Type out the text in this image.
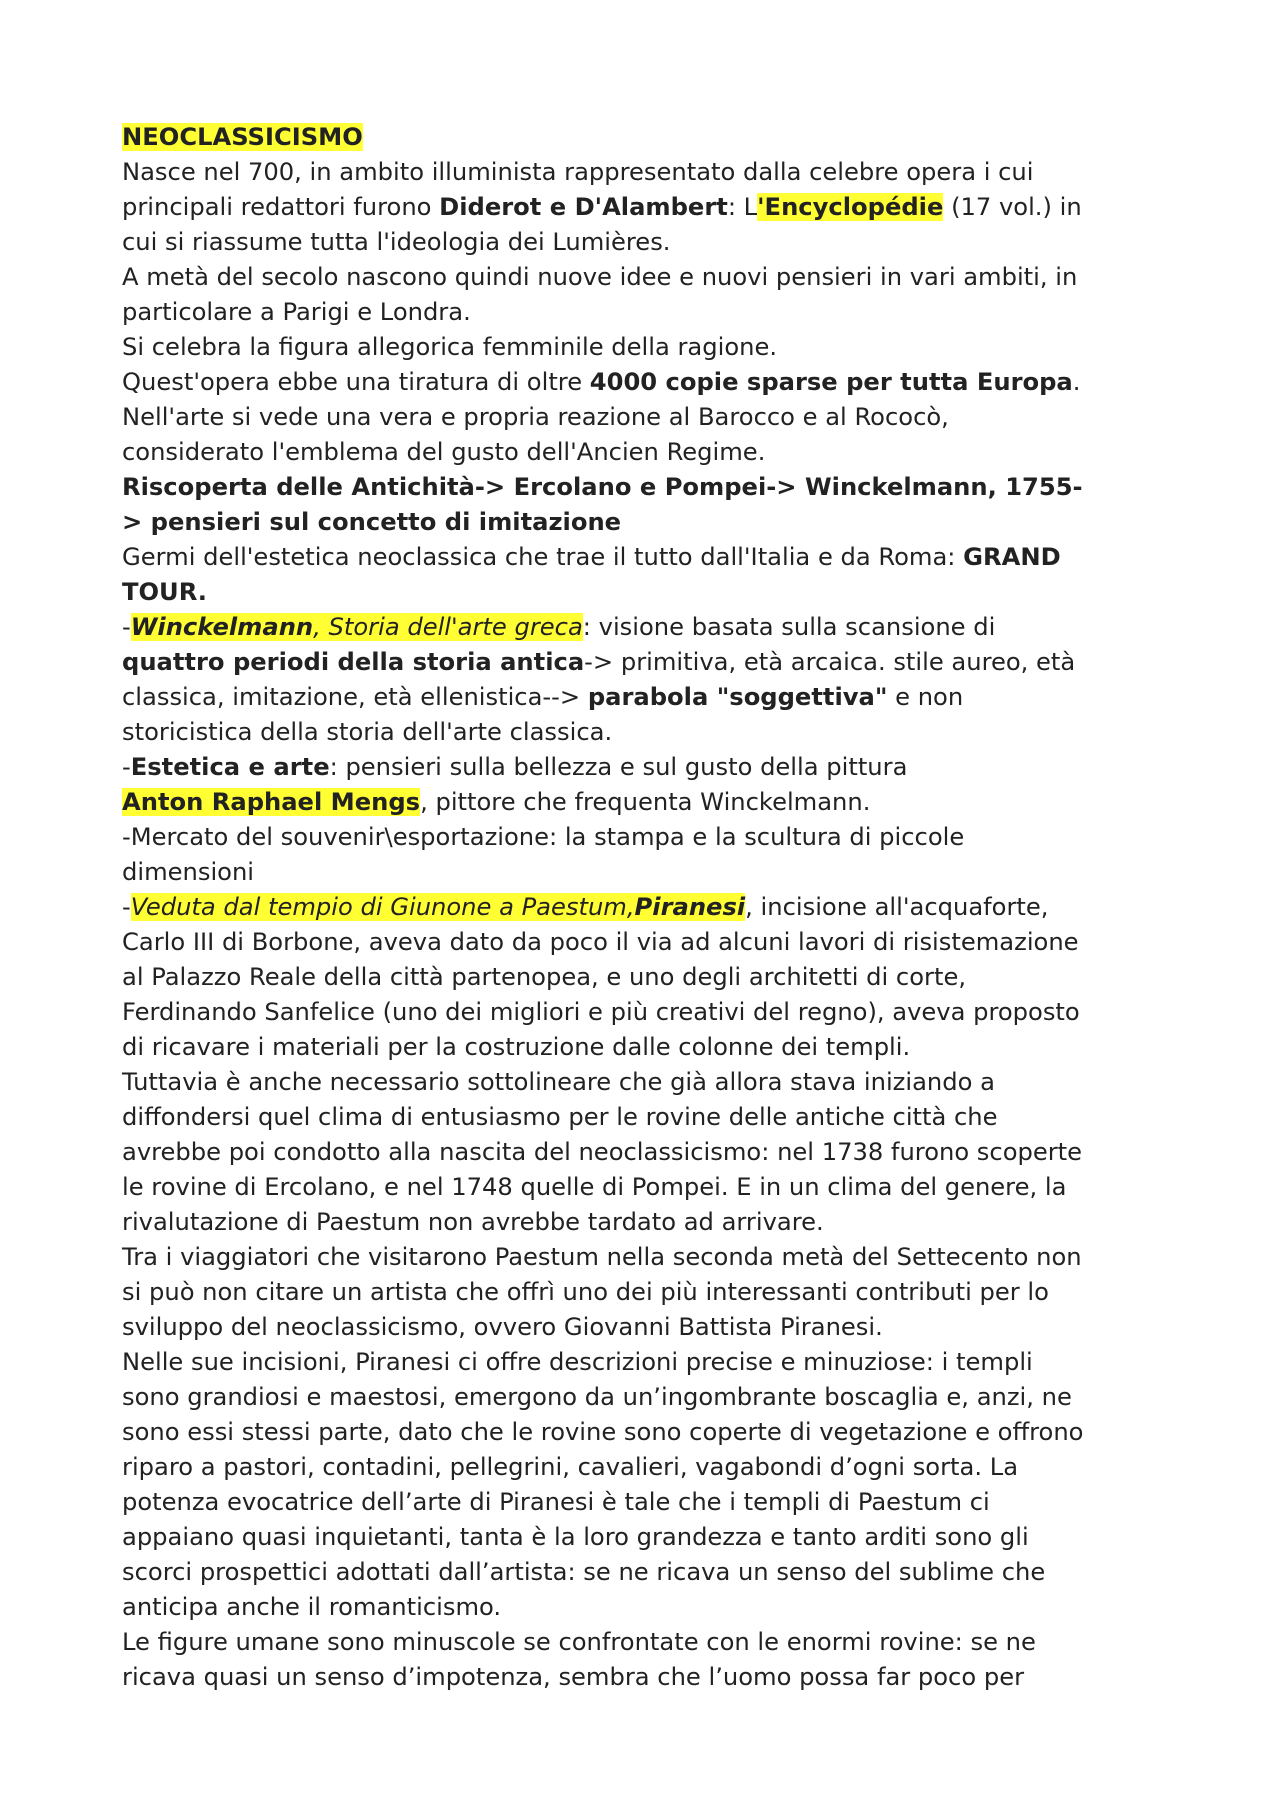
NEOCLASSICISMO
Nasce nel 700, in ambito illuminista rappresentato dalla celebre opera i cui
principali redattori furono Diderot e D'Alambert: L'Encyclopédie (17 vol.) in
cui si riassume tutta l'ideologia dei Lumières.
A metà del secolo nascono quindi nuove idee e nuovi pensieri in vari ambiti, in
particolare a Parigi e Londra.
Si celebra la figura allegorica femminile della ragione.
Quest'opera ebbe una tiratura di oltre 4000 copie sparse per tutta Europa.
Nell'arte si vede una vera e propria reazione al Barocco e al Rococò,
considerato l'emblema del gusto dell'Ancien Regime.
Riscoperta delle Antichità-> Ercolano e Pompei-> Winckelmann, 1755-
> pensieri sul concetto di imitazione
Germi dell'estetica neoclassica che trae il tutto dall'Italia e da Roma: GRAND
TOUR.
-Winckelmann, Storia dell'arte greca: visione basata sulla scansione di
quattro periodi della storia antica-> primitiva, età arcaica. stile aureo, età
classica, imitazione, età ellenistica--> parabola "soggettiva" e non
storicistica della storia dell'arte classica.
-Estetica e arte: pensieri sulla bellezza e sul gusto della pittura
Anton Raphael Mengs, pittore che frequenta Winckelmann.
-Mercato del souvenir\esportazione: la stampa e la scultura di piccole
dimensioni
-Veduta dal tempio di Giunone a Paestum,Piranesi, incisione all'acquaforte,
Carlo III di Borbone, aveva dato da poco il via ad alcuni lavori di risistemazione
al Palazzo Reale della città partenopea, e uno degli architetti di corte,
Ferdinando Sanfelice (uno dei migliori e più creativi del regno), aveva proposto
di ricavare i materiali per la costruzione dalle colonne dei templi.
Tuttavia è anche necessario sottolineare che già allora stava iniziando a
diffondersi quel clima di entusiasmo per le rovine delle antiche città che
avrebbe poi condotto alla nascita del neoclassicismo: nel 1738 furono scoperte
le rovine di Ercolano, e nel 1748 quelle di Pompei. E in un clima del genere, la
rivalutazione di Paestum non avrebbe tardato ad arrivare.
Tra i viaggiatori che visitarono Paestum nella seconda metà del Settecento non
si può non citare un artista che offrì uno dei più interessanti contributi per lo
sviluppo del neoclassicismo, ovvero Giovanni Battista Piranesi.
Nelle sue incisioni, Piranesi ci offre descrizioni precise e minuziose: i templi
sono grandiosi e maestosi, emergono da un’ingombrante boscaglia e, anzi, ne
sono essi stessi parte, dato che le rovine sono coperte di vegetazione e offrono
riparo a pastori, contadini, pellegrini, cavalieri, vagabondi d’ogni sorta. La
potenza evocatrice dell’arte di Piranesi è tale che i templi di Paestum ci
appaiano quasi inquietanti, tanta è la loro grandezza e tanto arditi sono gli
scorci prospettici adottati dall’artista: se ne ricava un senso del sublime che
anticipa anche il romanticismo.
Le figure umane sono minuscole se confrontate con le enormi rovine: se ne
ricava quasi un senso d’impotenza, sembra che l’uomo possa far poco per
